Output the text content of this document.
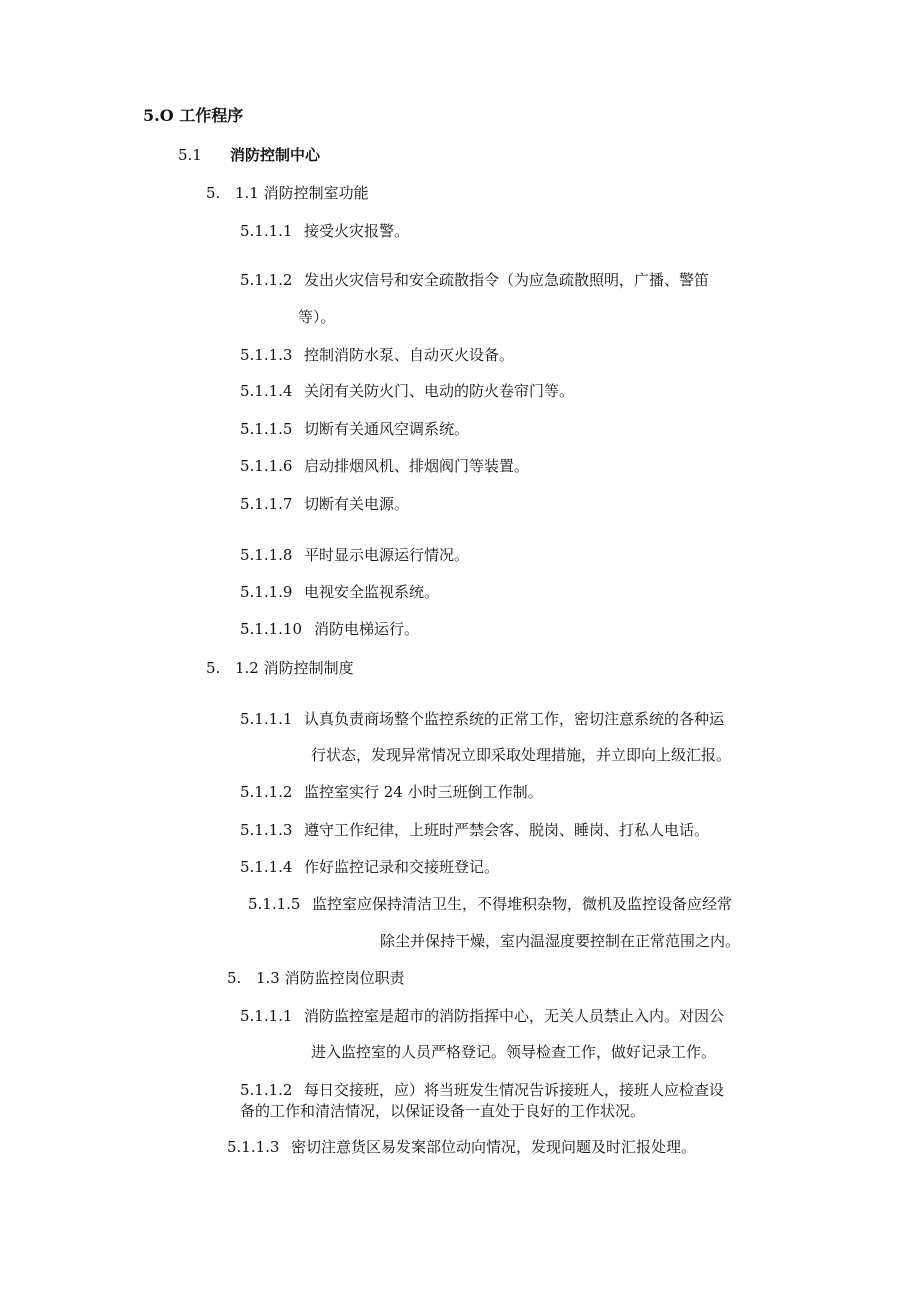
5.O 工作程序
5.1 消防控制中心
5. 1.1 消防控制室功能
5.1.1.1 接受火灾报警。
5.1.1.2 发出火灾信号和安全疏散指令（为应急疏散照明，广播、警笛
等）。
5.1.1.3 控制消防水泵、自动灭火设备。
5.1.1.4 关闭有关防火门、电动的防火卷帘门等。
5.1.1.5 切断有关通风空调系统。
5.1.1.6 启动排烟风机、排烟阀门等装置。
5.1.1.7 切断有关电源。
5.1.1.8 平时显示电源运行情况。
5.1.1.9 电视安全监视系统。
5.1.1.10 消防电梯运行。
5. 1.2 消防控制制度
5.1.1.1 认真负责商场整个监控系统的正常工作，密切注意系统的各种运
行状态，发现异常情况立即采取处理措施，并立即向上级汇报。
5.1.1.2 监控室实行 24 小时三班倒工作制。
5.1.1.3 遵守工作纪律，上班时严禁会客、脱岗、睡岗、打私人电话。
5.1.1.4 作好监控记录和交接班登记。
5.1.1.5 监控室应保持清洁卫生，不得堆积杂物，微机及监控设备应经常
除尘并保持干燥，室内温湿度要控制在正常范围之内。
5. 1.3 消防监控岗位职责
5.1.1.1 消防监控室是超市的消防指挥中心，无关人员禁止入内。对因公
进入监控室的人员严格登记。领导检查工作，做好记录工作。
5.1.1.2 每日交接班，应）将当班发生情况告诉接班人，接班人应检查设
备的工作和清洁情况，以保证设备一直处于良好的工作状况。
5.1.1.3 密切注意货区易发案部位动向情况，发现问题及时汇报处理。
